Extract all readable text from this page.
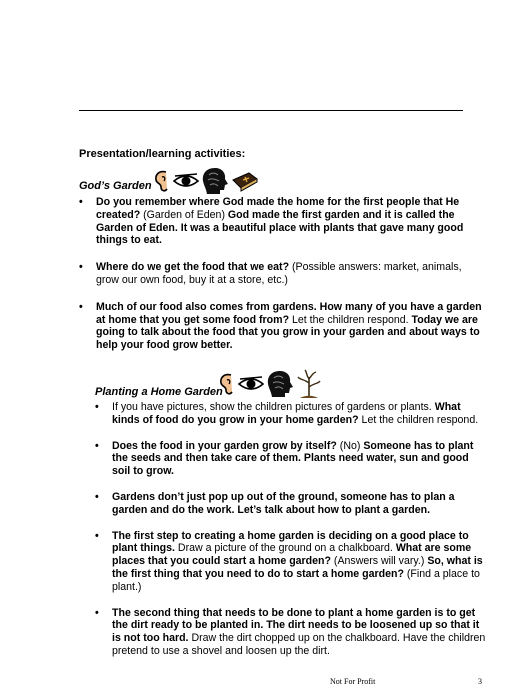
Presentation/learning activities:
God’s Garden
• Do you remember where God made the home for the first people that He created? (Garden of Eden) God made the first garden and it is called the Garden of Eden. It was a beautiful place with plants that gave many good things to eat.
• Where do we get the food that we eat? (Possible answers: market, animals, grow our own food, buy it at a store, etc.)
• Much of our food also comes from gardens. How many of you have a garden at home that you get some food from? Let the children respond. Today we are going to talk about the food that you grow in your garden and about ways to help your food grow better.
Planting a Home Garden
• If you have pictures, show the children pictures of gardens or plants. What kinds of food do you grow in your home garden? Let the children respond.
• Does the food in your garden grow by itself? (No) Someone has to plant the seeds and then take care of them. Plants need water, sun and good soil to grow.
• Gardens don’t just pop up out of the ground, someone has to plan a garden and do the work. Let’s talk about how to plant a garden.
• The first step to creating a home garden is deciding on a good place to plant things. Draw a picture of the ground on a chalkboard. What are some places that you could start a home garden? (Answers will vary.) So, what is the first thing that you need to do to start a home garden? (Find a place to plant.)
• The second thing that needs to be done to plant a home garden is to get the dirt ready to be planted in. The dirt needs to be loosened up so that it is not too hard. Draw the dirt chopped up on the chalkboard. Have the children pretend to use a shovel and loosen up the dirt.
Not For Profit	3
